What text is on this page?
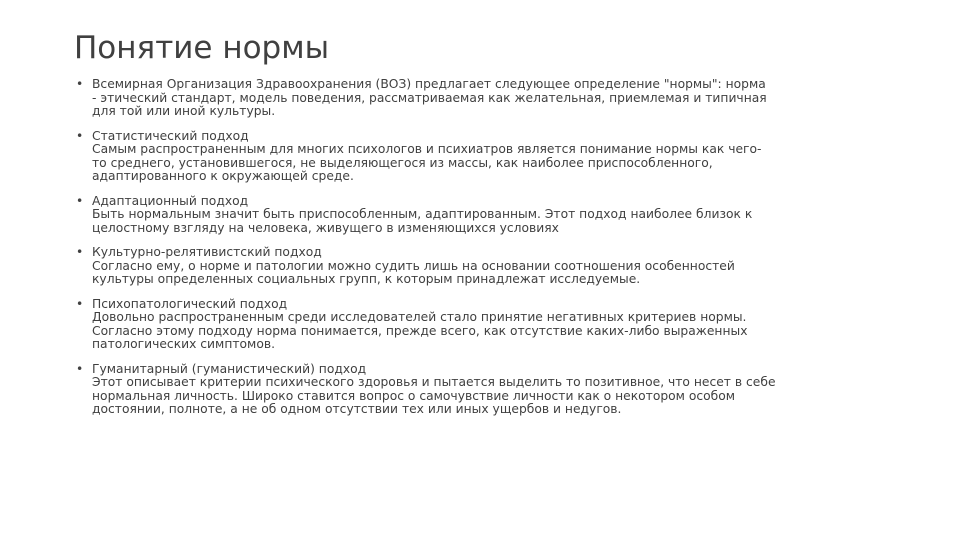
Понятие нормы
• Всемирная Организация Здравоохранения (ВОЗ) предлагает следующее определение "нормы": норма
- этический стандарт, модель поведения, рассматриваемая как желательная, приемлемая и типичная
для той или иной культуры.
• Статистический подход
Самым распространенным для многих психологов и психиатров является понимание нормы как чего-
то среднего, установившегося, не выделяющегося из массы, как наиболее приспособленного,
адаптированного к окружающей среде.
• Адаптационный подход
Быть нормальным значит быть приспособленным, адаптированным. Этот подход наиболее близок к
целостному взгляду на человека, живущего в изменяющихся условиях
• Культурно-релятивистский подход
Согласно ему, о норме и патологии можно судить лишь на основании соотношения особенностей
культуры определенных социальных групп, к которым принадлежат исследуемые.
• Психопатологический подход
Довольно распространенным среди исследователей стало принятие негативных критериев нормы.
Согласно этому подходу норма понимается, прежде всего, как отсутствие каких-либо выраженных
патологических симптомов.
• Гуманитарный (гуманистический) подход
Этот описывает критерии психического здоровья и пытается выделить то позитивное, что несет в себе
нормальная личность. Широко ставится вопрос о самочувствие личности как о некотором особом
достоянии, полноте, а не об одном отсутствии тех или иных ущербов и недугов.
